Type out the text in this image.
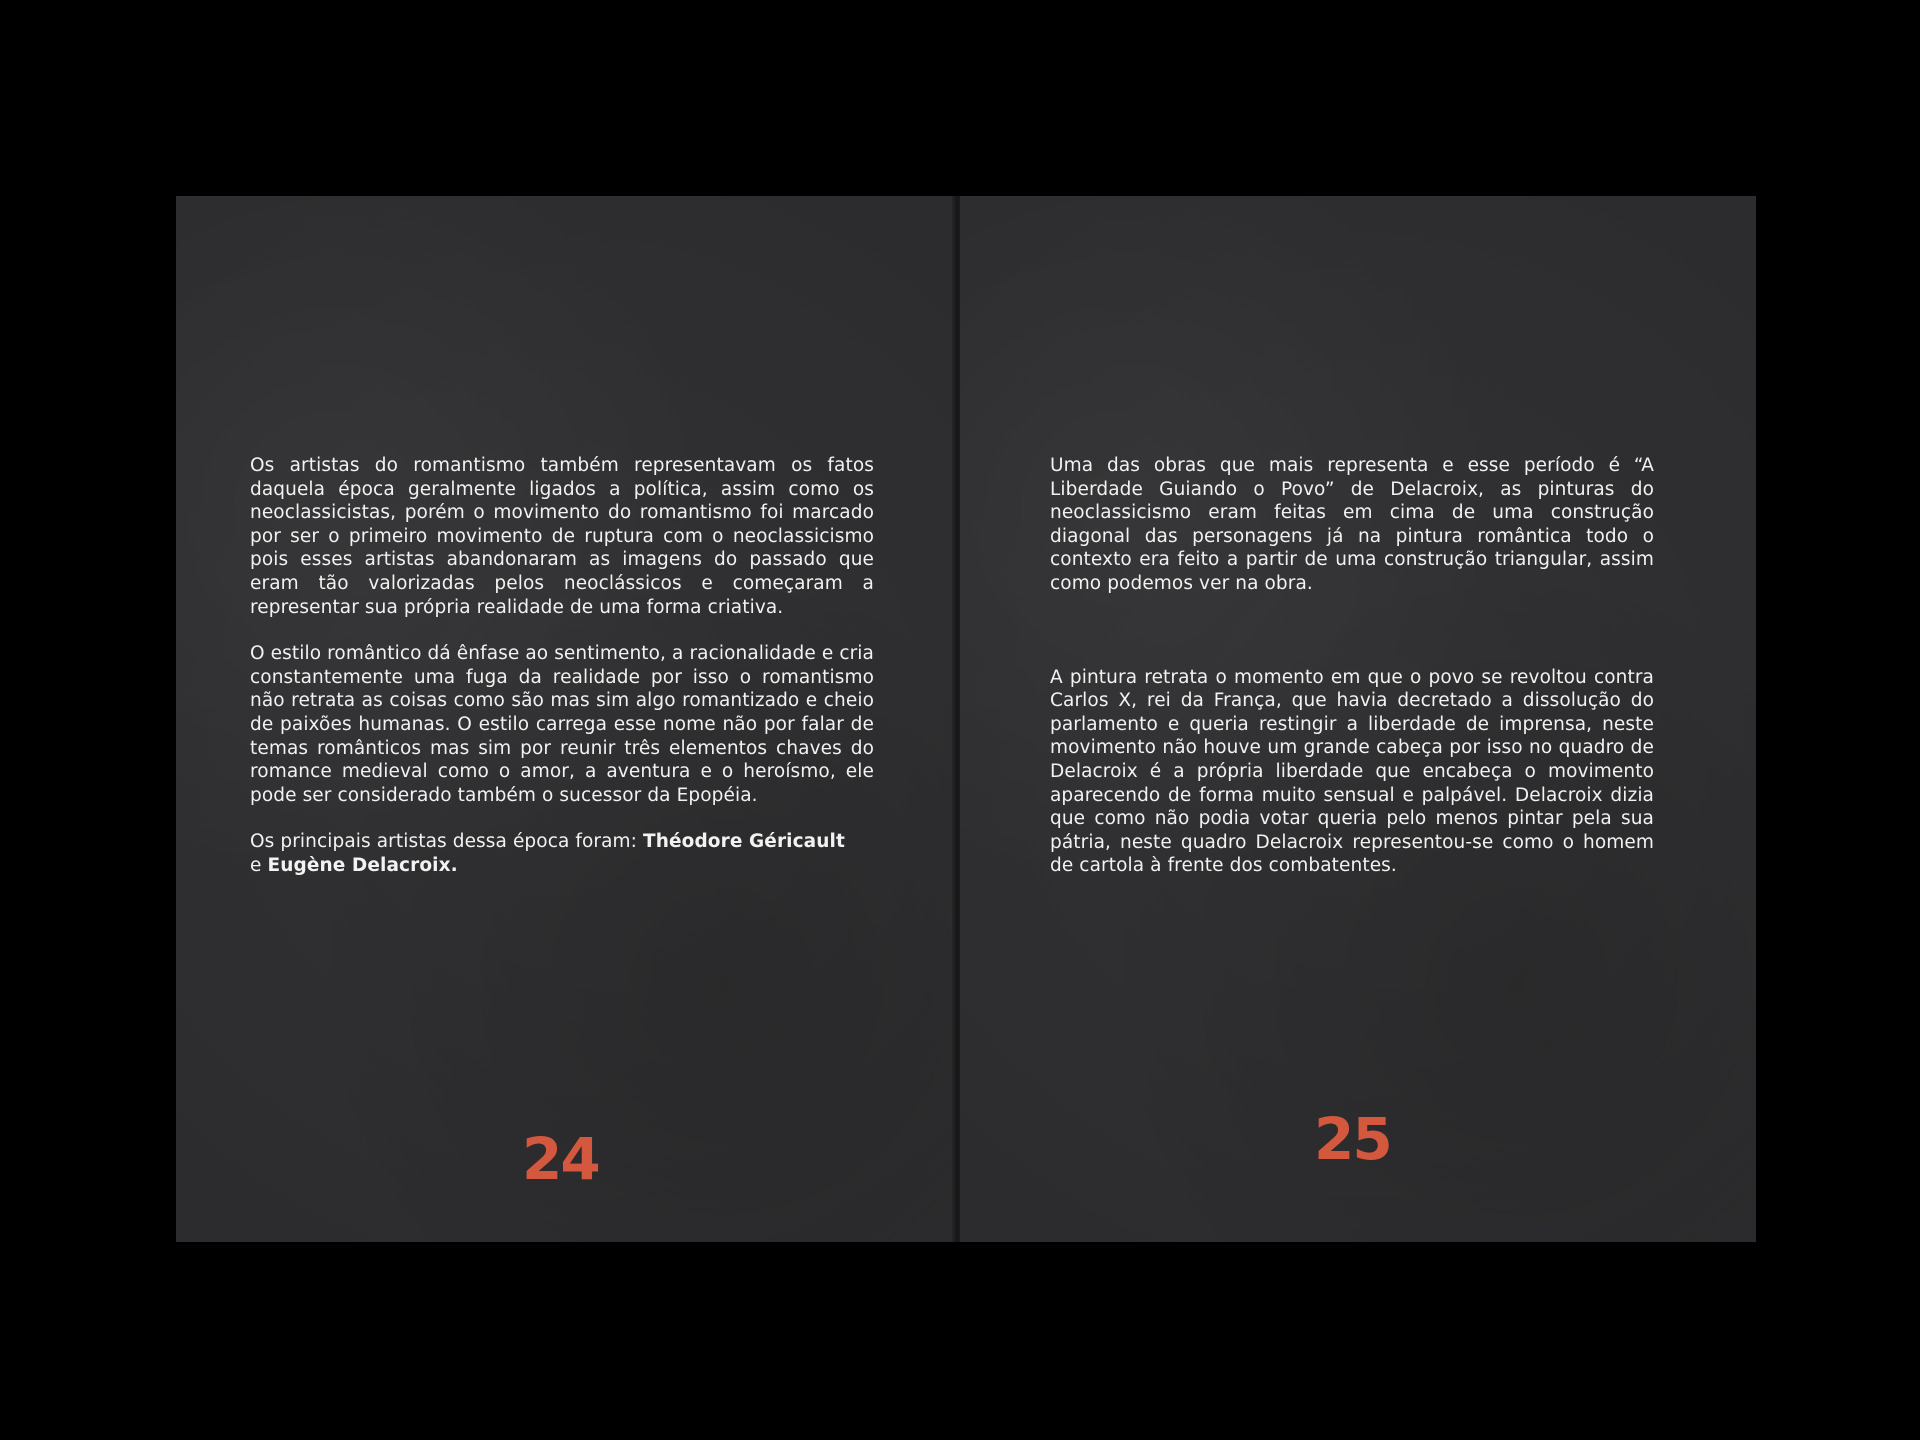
Os artistas do romantismo também representavam os fatos daquela época geralmente ligados a política, assim como os neoclassicistas, porém o movimento do romantismo foi marcado por ser o primeiro movimento de ruptura com o neoclassicismo pois esses artistas abandonaram as imagens do passado que eram tão valorizadas pelos neoclássicos e começaram a representar sua própria realidade de uma forma criativa.

O estilo romântico dá ênfase ao sentimento, a racionalidade e cria constantemente uma fuga da realidade por isso o romantismo não retrata as coisas como são mas sim algo romantizado e cheio de paixões humanas. O estilo carrega esse nome não por falar de temas românticos mas sim por reunir três elementos chaves do romance medieval como o amor, a aventura e o heroísmo, ele pode ser considerado também o sucessor da Epopéia.

Os principais artistas dessa época foram: Théodore Géricault
e Eugène Delacroix.

24

Uma das obras que mais representa e esse período é “A Liberdade Guiando o Povo” de Delacroix, as pinturas do neoclassicismo eram feitas em cima de uma construção diagonal das personagens já na pintura romântica todo o contexto era feito a partir de uma construção triangular, assim como podemos ver na obra.

A pintura retrata o momento em que o povo se revoltou contra Carlos X, rei da França, que havia decretado a dissolução do parlamento e queria restingir a liberdade de imprensa, neste movimento não houve um grande cabeça por isso no quadro de Delacroix é a própria liberdade que encabeça o movimento aparecendo de forma muito sensual e palpável. Delacroix dizia que como não podia votar queria pelo menos pintar pela sua pátria, neste quadro Delacroix representou-se como o homem de cartola à frente dos combatentes.

25
